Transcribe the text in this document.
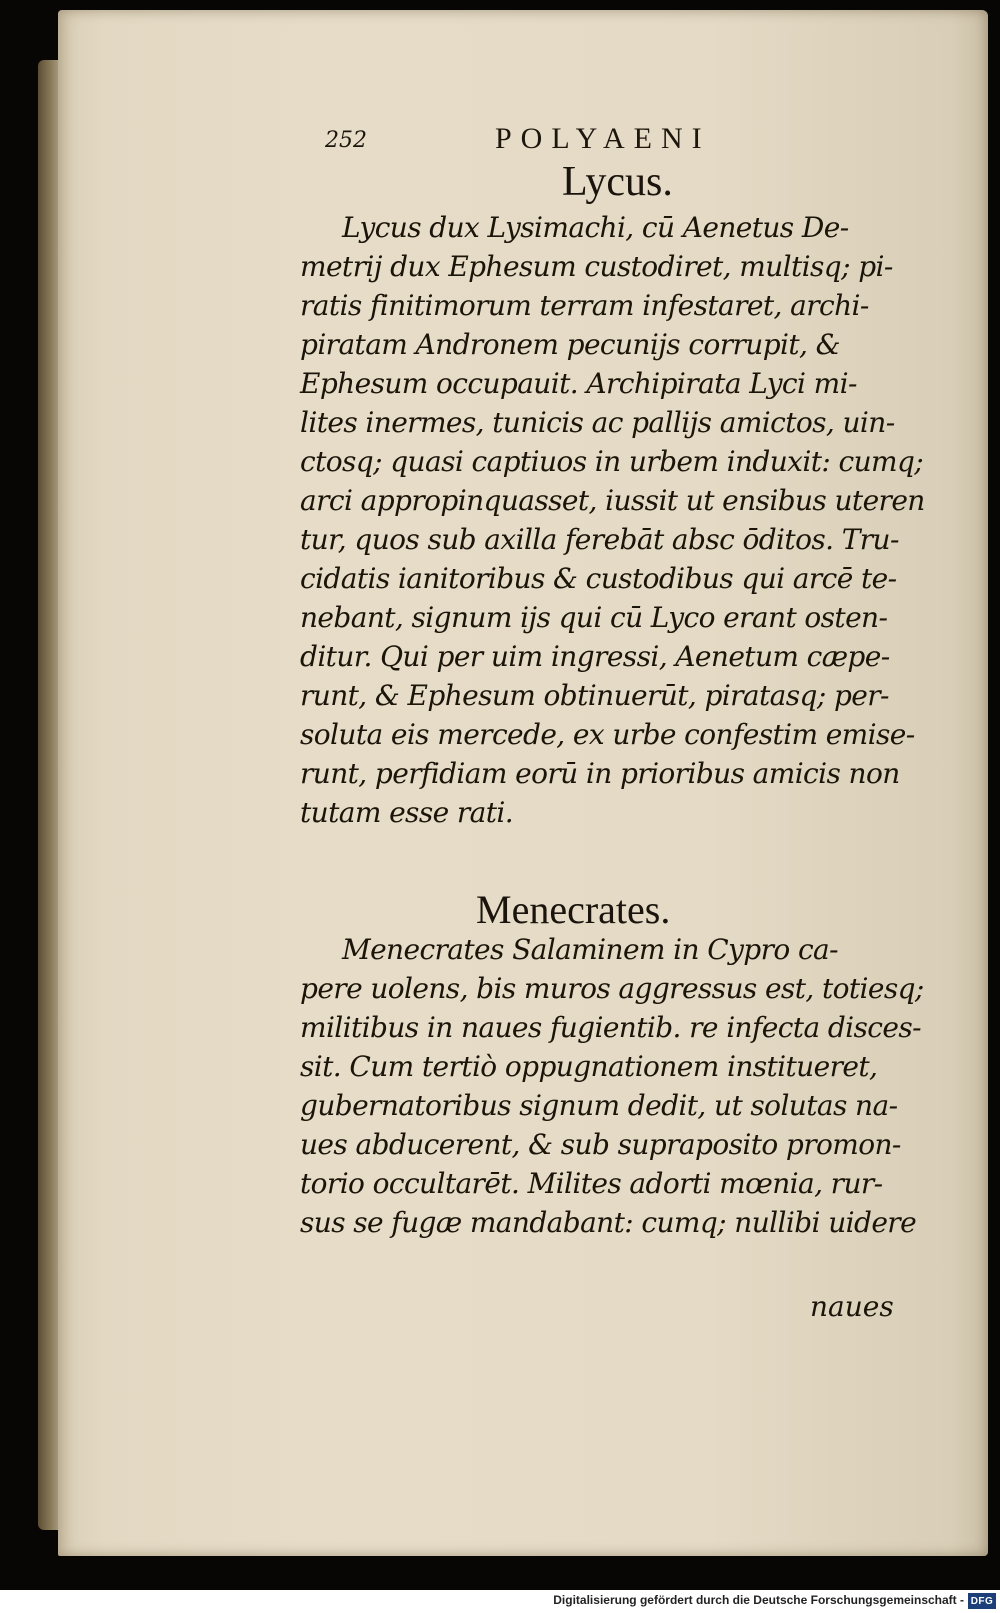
252	POLYAENI
Lycus.
Lycus dux Lysimachi, cū Aenetus De-
metrij dux Ephesum custodiret, multisq; pi-
ratis finitimorum terram infestaret, archi-
piratam Andronem pecunijs corrupit, &
Ephesum occupauit. Archipirata Lyci mi-
lites inermes, tunicis ac pallijs amictos, uin-
ctosq; quasi captiuos in urbem induxit: cumq;
arci appropinquasset, iussit ut ensibus uteren
tur, quos sub axilla ferebāt absc ōditos. Tru-
cidatis ianitoribus & custodibus qui arcē te-
nebant, signum ijs qui cū Lyco erant osten-
ditur. Qui per uim ingressi, Aenetum cæpe-
runt, & Ephesum obtinuerūt, piratasq; per-
soluta eis mercede, ex urbe confestim emise-
runt, perfidiam eorū in prioribus amicis non
tutam esse rati.
Menecrates.
Menecrates Salaminem in Cypro ca-
pere uolens, bis muros aggressus est, totiesq;
militibus in naues fugientib. re infecta disces-
sit. Cum tertiò oppugnationem institueret,
gubernatoribus signum dedit, ut solutas na-
ues abducerent, & sub supraposito promon-
torio occultarēt. Milites adorti mœnia, rur-
sus se fugæ mandabant: cumq; nullibi uidere
naues
Digitalisierung gefördert durch die Deutsche Forschungsgemeinschaft - DFG
